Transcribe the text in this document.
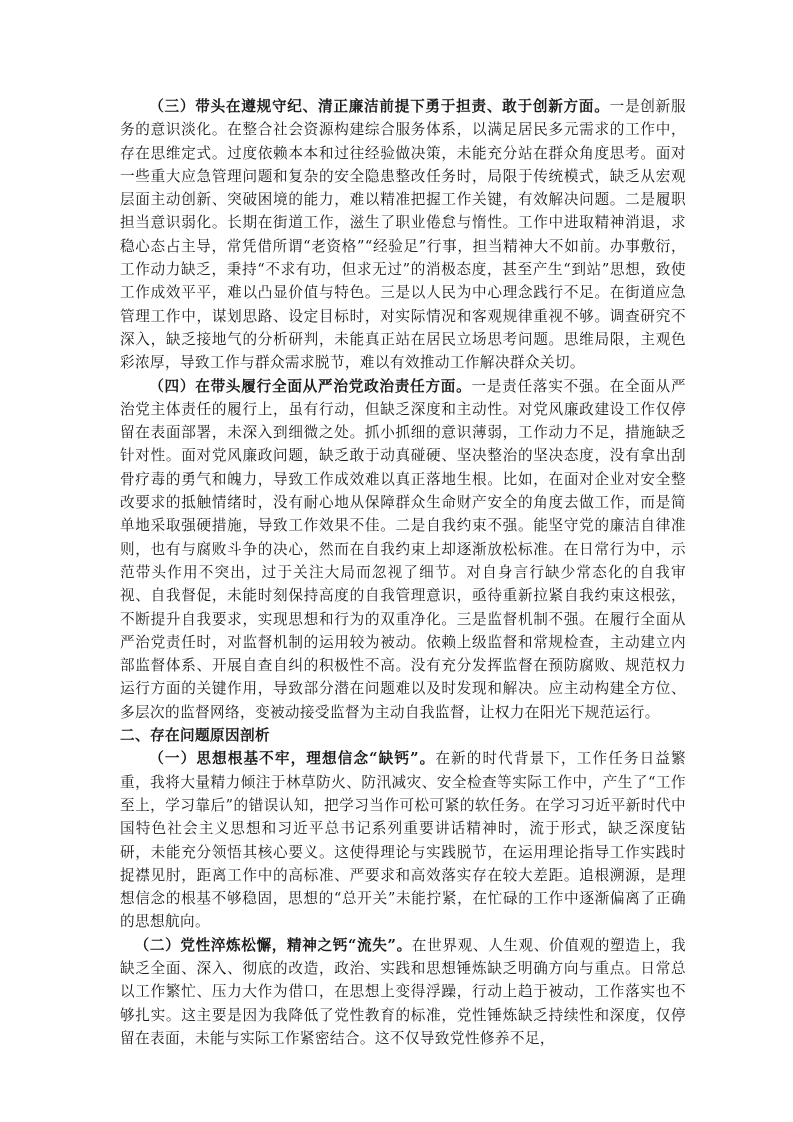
（三）带头在遵规守纪、清正廉洁前提下勇于担责、敢于创新方面。一是创新服务的意识淡化。在整合社会资源构建综合服务体系，以满足居民多元需求的工作中，存在思维定式。过度依赖本本和过往经验做决策，未能充分站在群众角度思考。面对一些重大应急管理问题和复杂的安全隐患整改任务时，局限于传统模式，缺乏从宏观层面主动创新、突破困境的能力，难以精准把握工作关键，有效解决问题。二是履职担当意识弱化。长期在街道工作，滋生了职业倦怠与惰性。工作中进取精神消退，求稳心态占主导，常凭借所谓“老资格”“经验足”行事，担当精神大不如前。办事敷衍，工作动力缺乏，秉持“不求有功，但求无过”的消极态度，甚至产生“到站”思想，致使工作成效平平，难以凸显价值与特色。三是以人民为中心理念践行不足。在街道应急管理工作中，谋划思路、设定目标时，对实际情况和客观规律重视不够。调查研究不深入，缺乏接地气的分析研判，未能真正站在居民立场思考问题。思维局限，主观色彩浓厚，导致工作与群众需求脱节，难以有效推动工作解决群众关切。

（四）在带头履行全面从严治党政治责任方面。一是责任落实不强。在全面从严治党主体责任的履行上，虽有行动，但缺乏深度和主动性。对党风廉政建设工作仅停留在表面部署，未深入到细微之处。抓小抓细的意识薄弱，工作动力不足，措施缺乏针对性。面对党风廉政问题，缺乏敢于动真碰硬、坚决整治的坚决态度，没有拿出刮骨疗毒的勇气和魄力，导致工作成效难以真正落地生根。比如，在面对企业对安全整改要求的抵触情绪时，没有耐心地从保障群众生命财产安全的角度去做工作，而是简单地采取强硬措施，导致工作效果不佳。二是自我约束不强。能坚守党的廉洁自律准则，也有与腐败斗争的决心，然而在自我约束上却逐渐放松标准。在日常行为中，示范带头作用不突出，过于关注大局而忽视了细节。对自身言行缺少常态化的自我审视、自我督促，未能时刻保持高度的自我管理意识，亟待重新拉紧自我约束这根弦，不断提升自我要求，实现思想和行为的双重净化。三是监督机制不强。在履行全面从严治党责任时，对监督机制的运用较为被动。依赖上级监督和常规检查，主动建立内部监督体系、开展自查自纠的积极性不高。没有充分发挥监督在预防腐败、规范权力运行方面的关键作用，导致部分潜在问题难以及时发现和解决。应主动构建全方位、多层次的监督网络，变被动接受监督为主动自我监督，让权力在阳光下规范运行。

二、存在问题原因剖析

（一）思想根基不牢，理想信念“缺钙”。在新的时代背景下，工作任务日益繁重，我将大量精力倾注于林草防火、防汛减灾、安全检查等实际工作中，产生了“工作至上，学习靠后”的错误认知，把学习当作可松可紧的软任务。在学习习近平新时代中国特色社会主义思想和习近平总书记系列重要讲话精神时，流于形式，缺乏深度钻研，未能充分领悟其核心要义。这使得理论与实践脱节，在运用理论指导工作实践时捉襟见肘，距离工作中的高标准、严要求和高效落实存在较大差距。追根溯源，是理想信念的根基不够稳固，思想的“总开关”未能拧紧，在忙碌的工作中逐渐偏离了正确的思想航向。

（二）党性淬炼松懈，精神之钙“流失”。在世界观、人生观、价值观的塑造上，我缺乏全面、深入、彻底的改造，政治、实践和思想锤炼缺乏明确方向与重点。日常总以工作繁忙、压力大作为借口，在思想上变得浮躁，行动上趋于被动，工作落实也不够扎实。这主要是因为我降低了党性教育的标准，党性锤炼缺乏持续性和深度，仅停留在表面，未能与实际工作紧密结合。这不仅导致党性修养不足，
